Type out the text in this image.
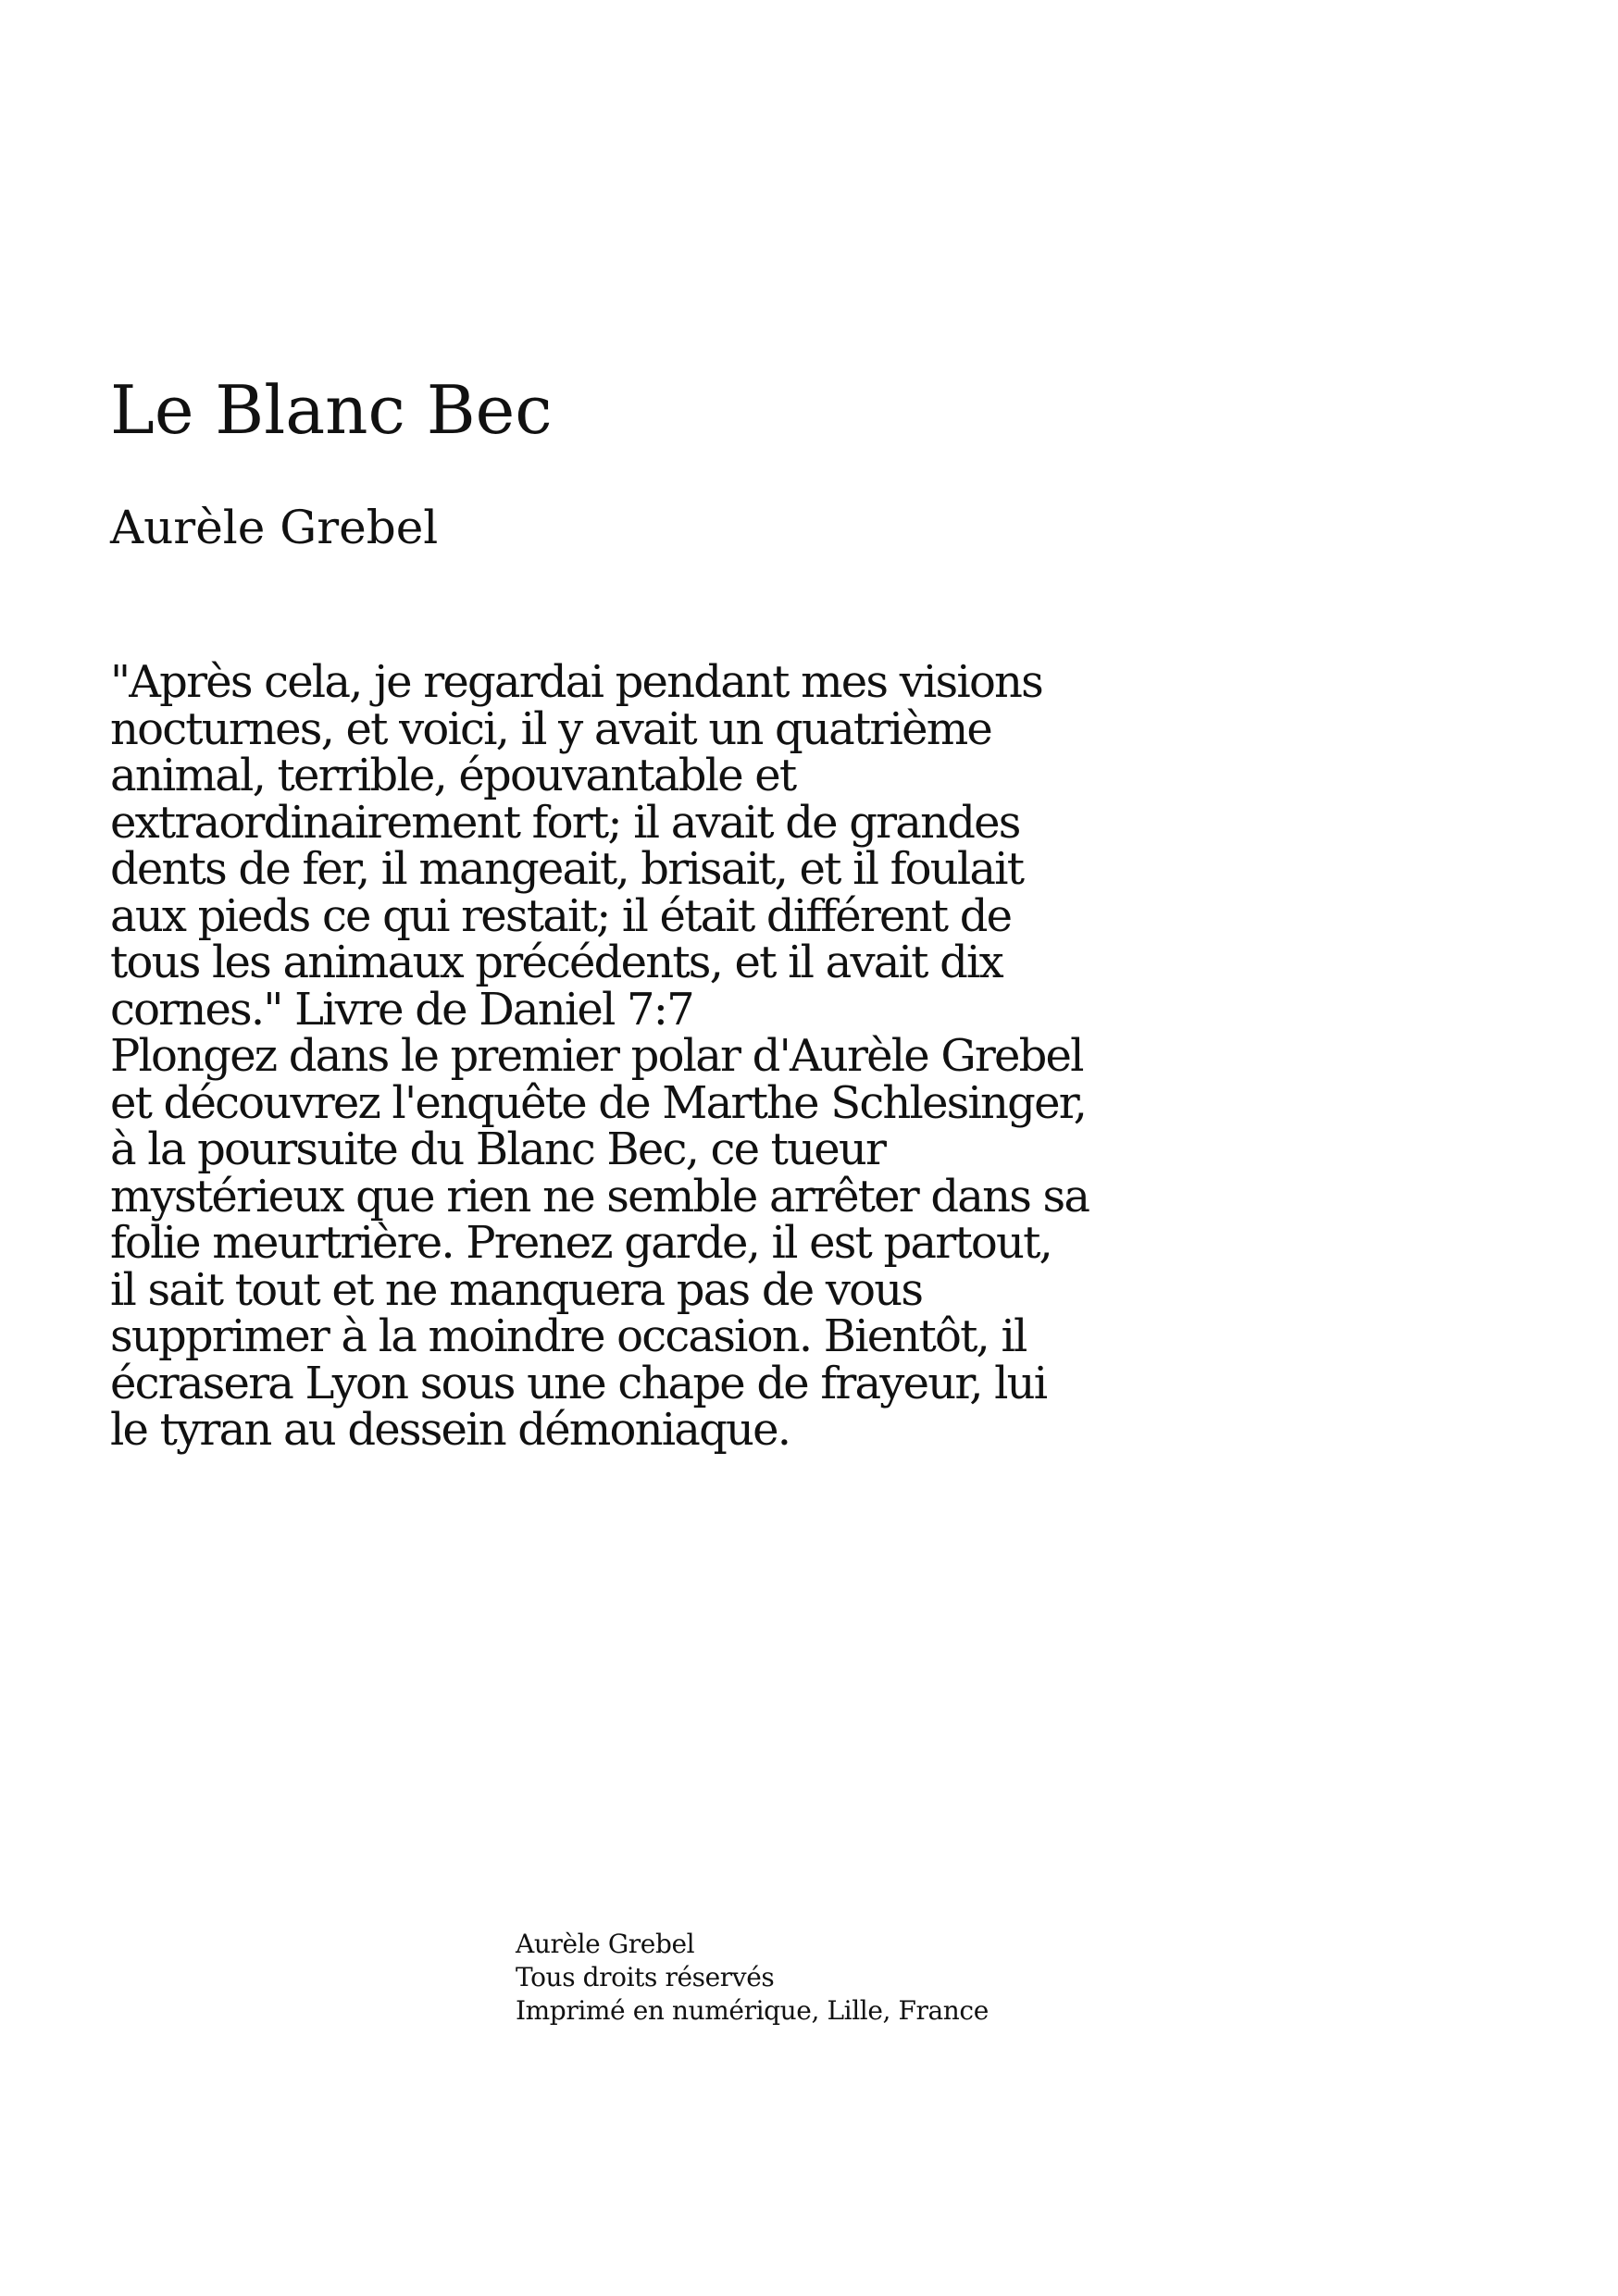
Le Blanc Bec
Aurèle Grebel
"Après cela, je regardai pendant mes visions
nocturnes, et voici, il y avait un quatrième
animal, terrible, épouvantable et
extraordinairement fort; il avait de grandes
dents de fer, il mangeait, brisait, et il foulait
aux pieds ce qui restait; il était différent de
tous les animaux précédents, et il avait dix
cornes." Livre de Daniel 7:7
Plongez dans le premier polar d'Aurèle Grebel
et découvrez l'enquête de Marthe Schlesinger,
à la poursuite du Blanc Bec, ce tueur
mystérieux que rien ne semble arrêter dans sa
folie meurtrière. Prenez garde, il est partout,
il sait tout et ne manquera pas de vous
supprimer à la moindre occasion. Bientôt, il
écrasera Lyon sous une chape de frayeur, lui
le tyran au dessein démoniaque.
Aurèle Grebel
Tous droits réservés
Imprimé en numérique, Lille, France
